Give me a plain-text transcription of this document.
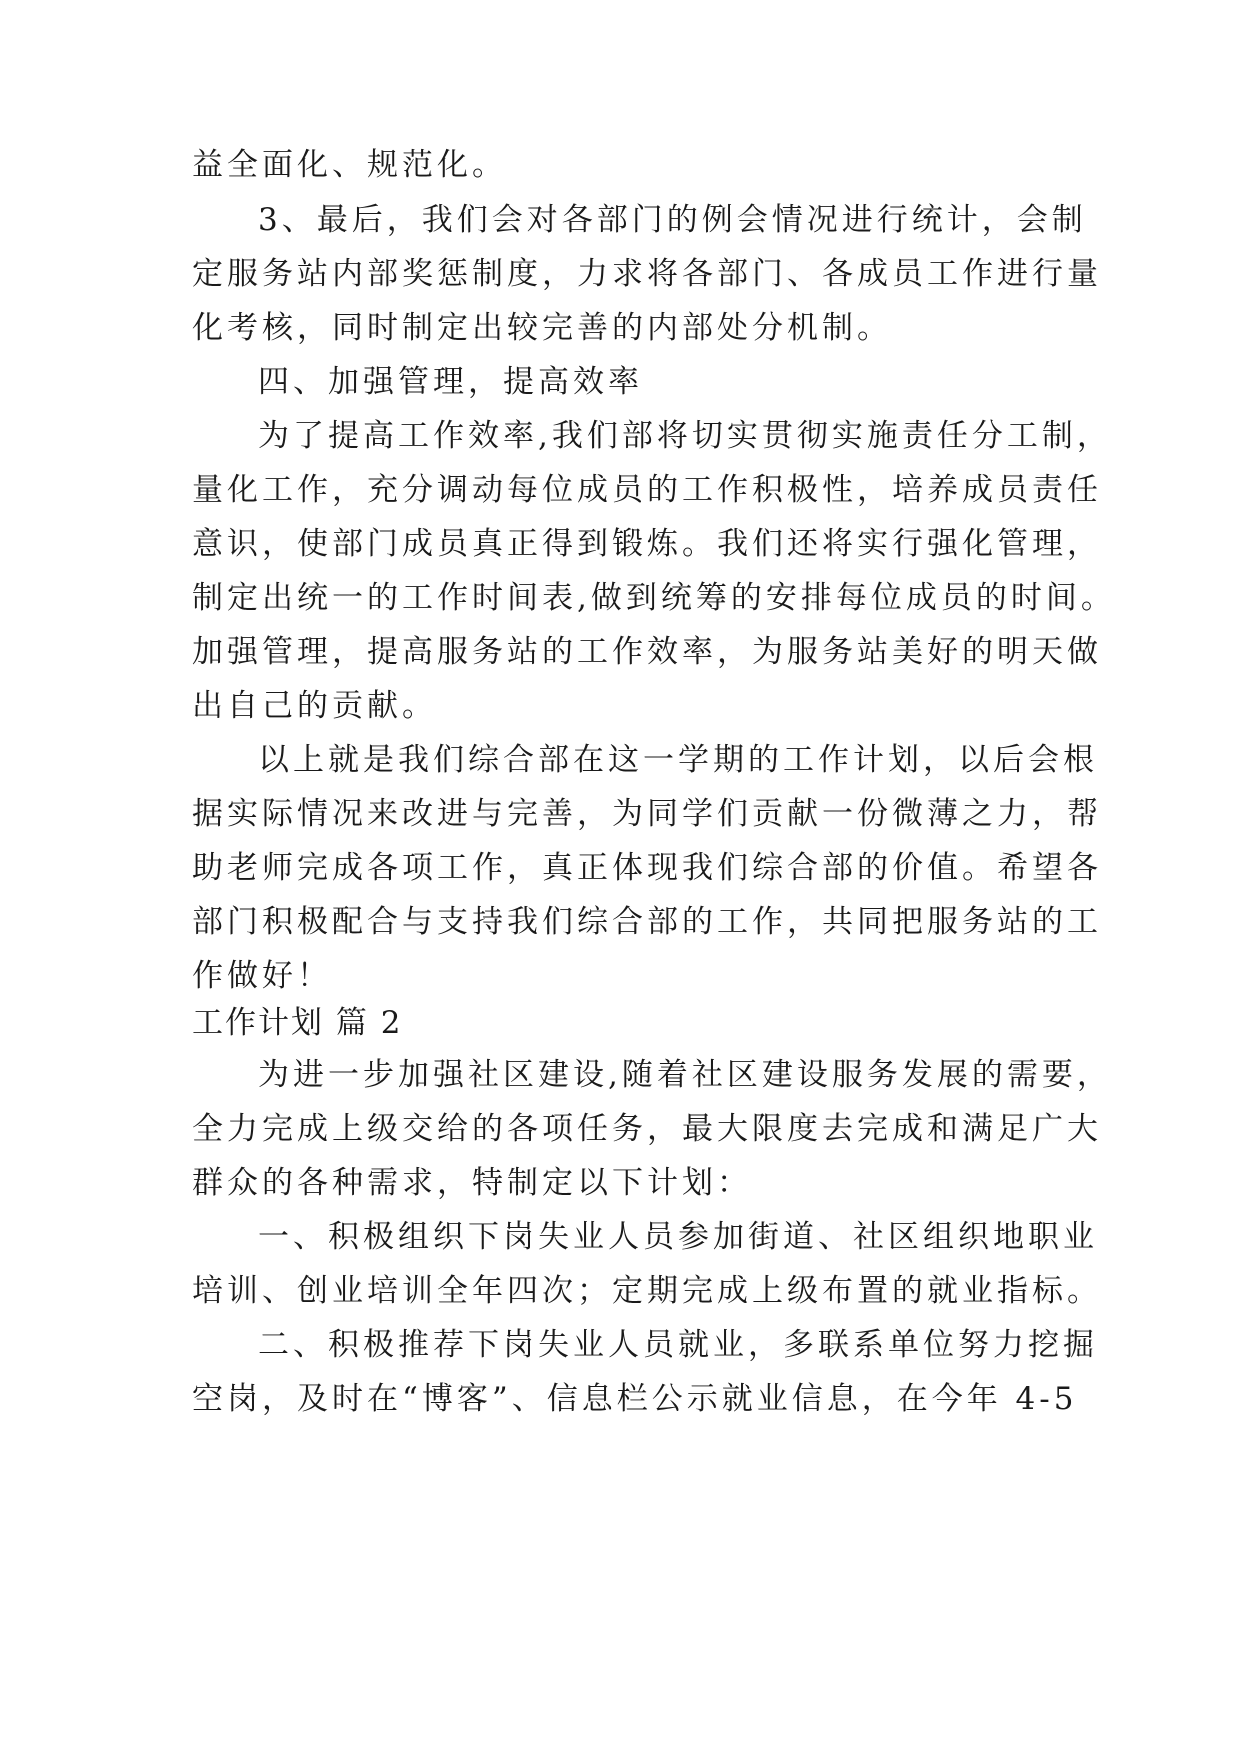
益全面化、规范化。
3、最后，我们会对各部门的例会情况进行统计，会制
定服务站内部奖惩制度，力求将各部门、各成员工作进行量
化考核，同时制定出较完善的内部处分机制。
四、加强管理，提高效率
为了提高工作效率,我们部将切实贯彻实施责任分工制，
量化工作，充分调动每位成员的工作积极性，培养成员责任
意识，使部门成员真正得到锻炼。我们还将实行强化管理，
制定出统一的工作时间表,做到统筹的安排每位成员的时间。
加强管理，提高服务站的工作效率，为服务站美好的明天做
出自己的贡献。
以上就是我们综合部在这一学期的工作计划，以后会根
据实际情况来改进与完善，为同学们贡献一份微薄之力，帮
助老师完成各项工作，真正体现我们综合部的价值。希望各
部门积极配合与支持我们综合部的工作，共同把服务站的工
作做好！
工作计划 篇 2
为进一步加强社区建设,随着社区建设服务发展的需要，
全力完成上级交给的各项任务，最大限度去完成和满足广大
群众的各种需求，特制定以下计划：
一、积极组织下岗失业人员参加街道、社区组织地职业
培训、创业培训全年四次；定期完成上级布置的就业指标。
二、积极推荐下岗失业人员就业，多联系单位努力挖掘
空岗，及时在“博客”、信息栏公示就业信息，在今年 4-5
